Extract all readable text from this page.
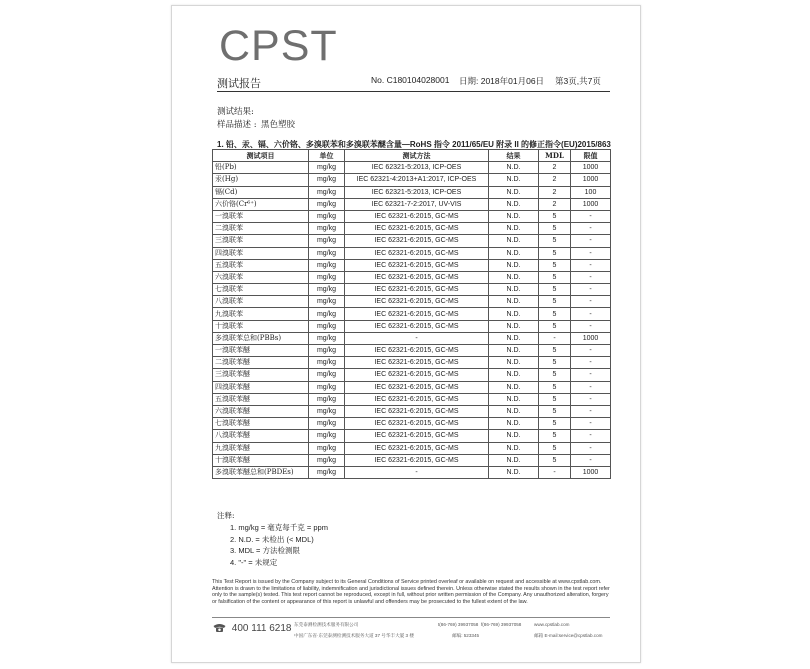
CPST
测试报告	No. C180104028001 日期: 2018年01月06日 第3页,共7页
测试结果:
样品描述 : 黑色塑胶
1. 铅、汞、镉、六价铬、多溴联苯和多溴联苯醚含量—RoHS 指令 2011/65/EU 附录 II 的修正指令(EU)2015/863
测试项目	单位	测试方法	结果	MDL	限值
铅(Pb)	mg/kg	IEC 62321-5:2013, ICP-OES	N.D.	2	1000
汞(Hg)	mg/kg	IEC 62321-4:2013+A1:2017, ICP-OES	N.D.	2	1000
镉(Cd)	mg/kg	IEC 62321-5:2013, ICP-OES	N.D.	2	100
六价铬(Cr⁶⁺)	mg/kg	IEC 62321-7-2:2017, UV-VIS	N.D.	2	1000
一溴联苯	mg/kg	IEC 62321-6:2015, GC-MS	N.D.	5	-
二溴联苯	mg/kg	IEC 62321-6:2015, GC-MS	N.D.	5	-
三溴联苯	mg/kg	IEC 62321-6:2015, GC-MS	N.D.	5	-
四溴联苯	mg/kg	IEC 62321-6:2015, GC-MS	N.D.	5	-
五溴联苯	mg/kg	IEC 62321-6:2015, GC-MS	N.D.	5	-
六溴联苯	mg/kg	IEC 62321-6:2015, GC-MS	N.D.	5	-
七溴联苯	mg/kg	IEC 62321-6:2015, GC-MS	N.D.	5	-
八溴联苯	mg/kg	IEC 62321-6:2015, GC-MS	N.D.	5	-
九溴联苯	mg/kg	IEC 62321-6:2015, GC-MS	N.D.	5	-
十溴联苯	mg/kg	IEC 62321-6:2015, GC-MS	N.D.	5	-
多溴联苯总和(PBBs)	mg/kg	-	N.D.	-	1000
一溴联苯醚	mg/kg	IEC 62321-6:2015, GC-MS	N.D.	5	-
二溴联苯醚	mg/kg	IEC 62321-6:2015, GC-MS	N.D.	5	-
三溴联苯醚	mg/kg	IEC 62321-6:2015, GC-MS	N.D.	5	-
四溴联苯醚	mg/kg	IEC 62321-6:2015, GC-MS	N.D.	5	-
五溴联苯醚	mg/kg	IEC 62321-6:2015, GC-MS	N.D.	5	-
六溴联苯醚	mg/kg	IEC 62321-6:2015, GC-MS	N.D.	5	-
七溴联苯醚	mg/kg	IEC 62321-6:2015, GC-MS	N.D.	5	-
八溴联苯醚	mg/kg	IEC 62321-6:2015, GC-MS	N.D.	5	-
九溴联苯醚	mg/kg	IEC 62321-6:2015, GC-MS	N.D.	5	-
十溴联苯醚	mg/kg	IEC 62321-6:2015, GC-MS	N.D.	5	-
多溴联苯醚总和(PBDEs)	mg/kg	-	N.D.	-	1000
注释:
1. mg/kg = 毫克每千克 = ppm
2. N.D. = 未检出 (< MDL)
3. MDL = 方法检测限
4. "-" = 未规定
This Test Report is issued by the Company subject to its General Conditions of Service printed overleaf or available on request and accessible at www.cpstlab.com. Attention is drawn to the limitations of liability, indemnification and jurisdictional issues defined therein. Unless otherwise stated the results shown in the test report refer only to the sample(s) tested. This test report cannot be reproduced, except in full, without prior written permission of the Company. Any unauthorized alteration, forgery or falsification of the content or appearance of this report is unlawful and offenders may be prosecuted to the fullest extent of the law.
400 111 6218 东莞泰测检测技术服务有限公司
中国广东省·东莞泰测检测技术服务大道 37 号华丰大厦 3 楼
t(86-769) 39937058 f(86-769) 39937058	www.cpstlab.com
邮编: 523345	邮箱 E-mail:service@cpstlab.com
